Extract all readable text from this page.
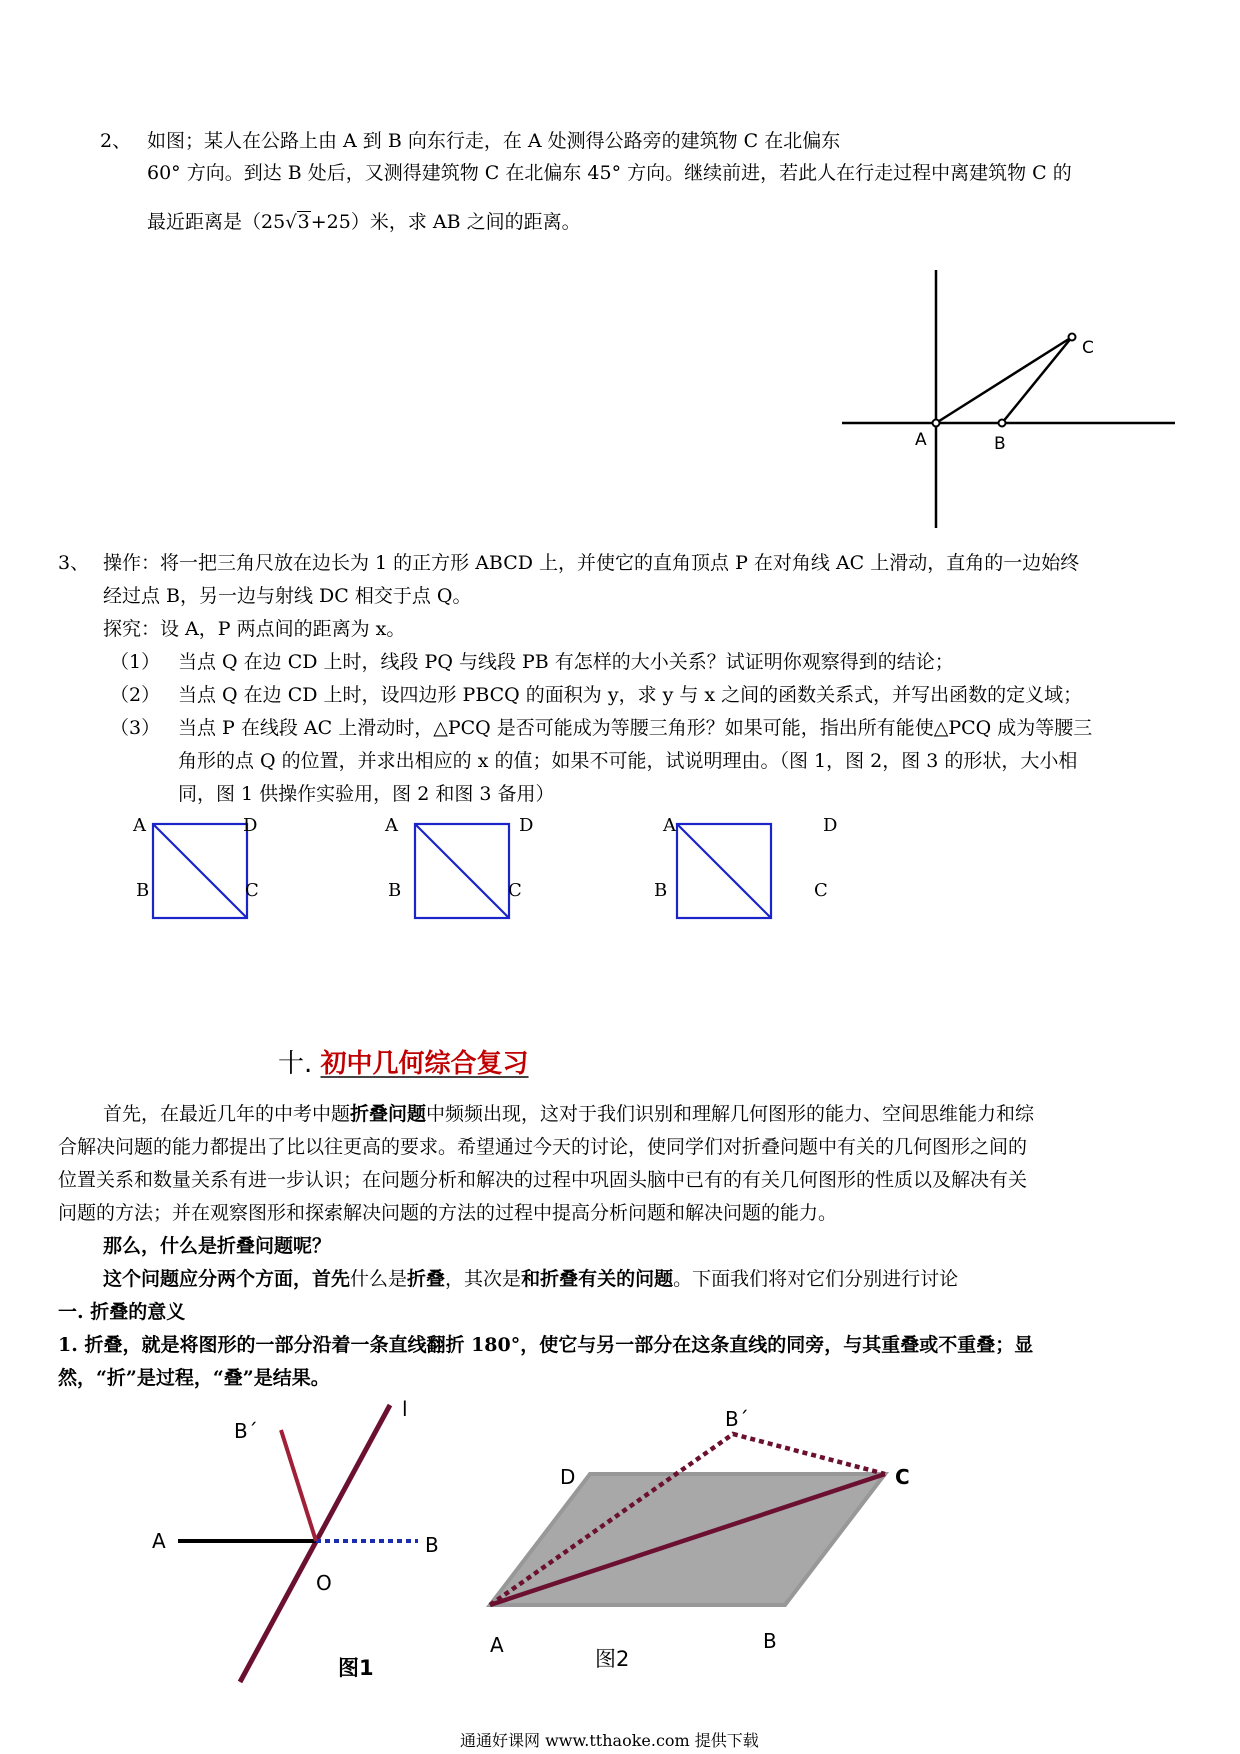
2、 如图；某人在公路上由 A 到 B 向东行走，在 A 处测得公路旁的建筑物 C 在北偏东
60° 方向。到达 B 处后，又测得建筑物 C 在北偏东 45° 方向。继续前进，若此人在行走过程中离建筑物 C 的
最近距离是（25√3+25）米，求 AB 之间的距离。
A	B
C
3、 操作：将一把三角尺放在边长为 1 的正方形 ABCD 上，并使它的直角顶点 P 在对角线 AC 上滑动，直角的一边始终
经过点 B，另一边与射线 DC 相交于点 Q。
探究：设 A，P 两点间的距离为 x。
（1） 当点 Q 在边 CD 上时，线段 PQ 与线段 PB 有怎样的大小关系？试证明你观察得到的结论；
（2） 当点 Q 在边 CD 上时，设四边形 PBCQ 的面积为 y，求 y 与 x 之间的函数关系式，并写出函数的定义域；
（3） 当点 P 在线段 AC 上滑动时，△PCQ 是否可能成为等腰三角形？如果可能，指出所有能使△PCQ 成为等腰三
角形的点 Q 的位置，并求出相应的 x 的值；如果不可能，试说明理由。（图 1，图 2，图 3 的形状，大小相
同，图 1 供操作实验用，图 2 和图 3 备用）
A	D
B	C
A	D
B	C
A	D
B	C
十. 初中几何综合复习
首先，在最近几年的中考中题折叠问题中频频出现，这对于我们识别和理解几何图形的能力、空间思维能力和综
合解决问题的能力都提出了比以往更高的要求。希望通过今天的讨论，使同学们对折叠问题中有关的几何图形之间的
位置关系和数量关系有进一步认识；在问题分析和解决的过程中巩固头脑中已有的有关几何图形的性质以及解决有关
问题的方法；并在观察图形和探索解决问题的方法的过程中提高分析问题和解决问题的能力。
那么，什么是折叠问题呢？
这个问题应分两个方面，首先什么是折叠，其次是和折叠有关的问题。下面我们将对它们分别进行讨论
一. 折叠的意义
1. 折叠，就是将图形的一部分沿着一条直线翻折 180°，使它与另一部分在这条直线的同旁，与其重叠或不重叠；显
然，“折”是过程，“叠”是结果。
B´
l
A	B
O
图1
B´
D	C
A	B
图2
通通好课网 www.tthaoke.com 提供下载
